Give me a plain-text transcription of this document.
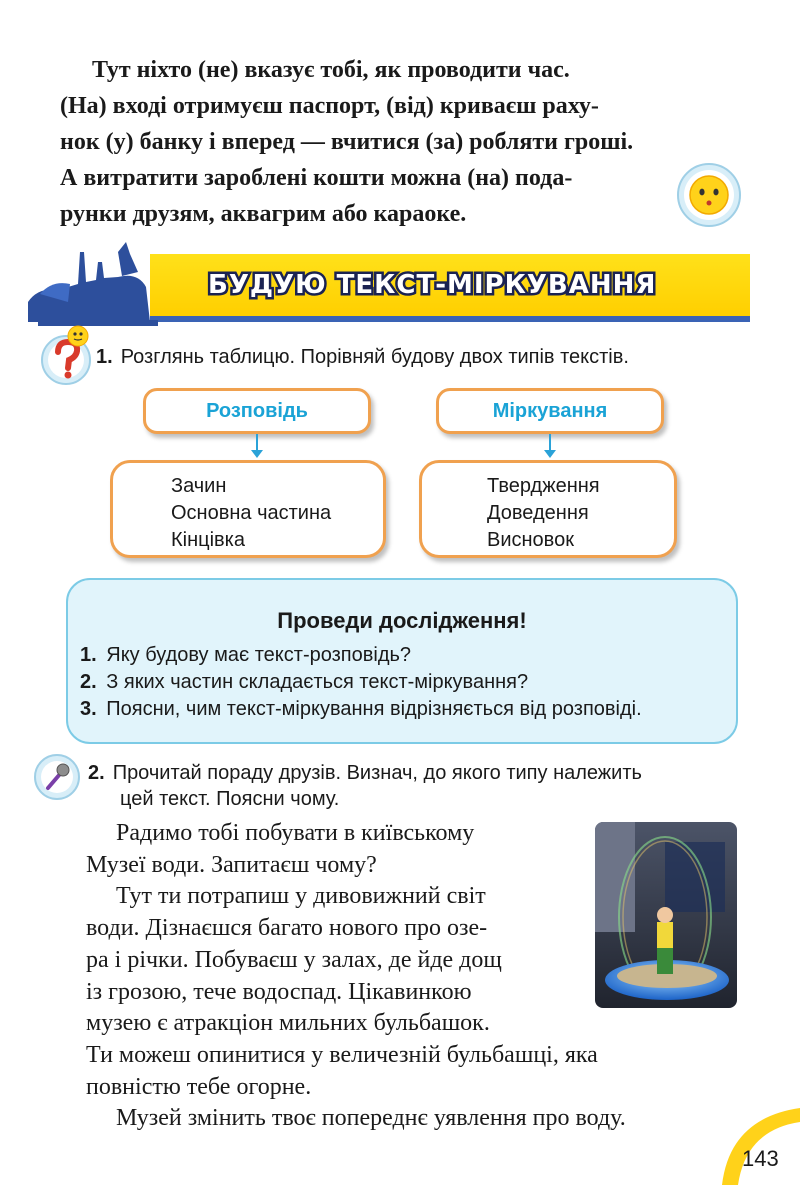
Тут ніхто (не) вказує тобі, як проводити час.
(На) вході отримуєш паспорт, (від) криваєш раху-
нок (у) банку і вперед — вчитися (за) робляти гроші.
А витратити зароблені кошти можна (на) пода-
рунки друзям, аквагрим або караоке.
БУДУЮ ТЕКСТ-МІРКУВАННЯ
1. Розглянь таблицю. Порівняй будову двох типів текстів.
Розповідь	Міркування
Зачин
Основна частина
Кінцівка
Твердження
Доведення
Висновок
Проведи дослідження!
1. Яку будову має текст-розповідь?
2. З яких частин складається текст-міркування?
3. Поясни, чим текст-міркування відрізняється від розповіді.
2. Прочитай пораду друзів. Визнач, до якого типу належить
цей текст. Поясни чому.
Радимо тобі побувати в київському
Музеї води. Запитаєш чому?
Тут ти потрапиш у дивовижний світ
води. Дізнаєшся багато нового про озе-
ра і річки. Побуваєш у залах, де йде дощ
із грозою, тече водоспад. Цікавинкою
музею є атракціон мильних бульбашок.
Ти можеш опинитися у величезній бульбашці, яка
повністю тебе огорне.
Музей змінить твоє попереднє уявлення про воду.
143
